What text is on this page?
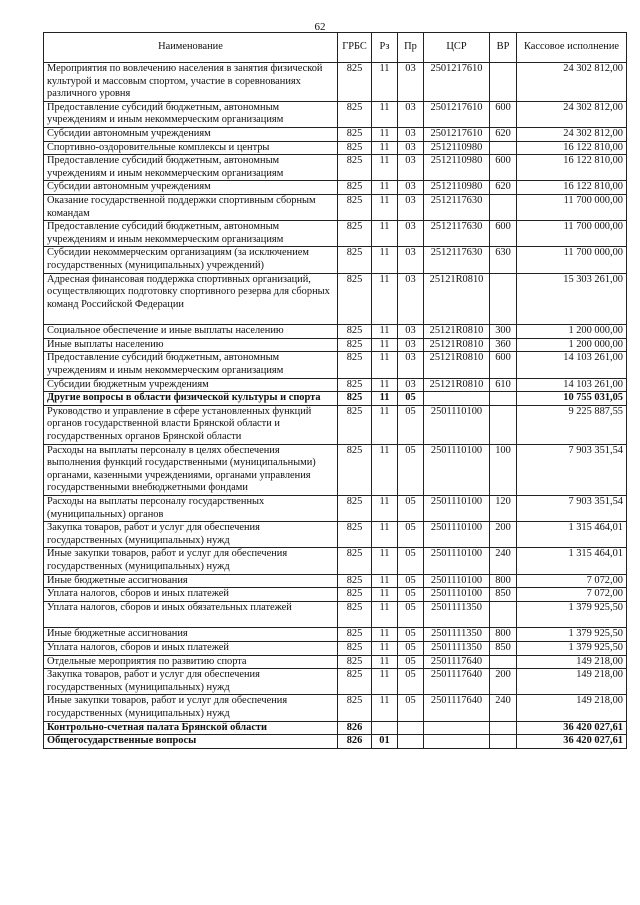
62
Наименование	ГРБС	Рз	Пр	ЦСР	ВР	Кассовое исполнение
Мероприятия по вовлечению населения в занятия физической культурой и массовым спортом, участие в соревнованиях различного уровня	825	11	03	2501217610		24 302 812,00
Предоставление субсидий бюджетным, автономным учреждениям и иным некоммерческим организациям	825	11	03	2501217610	600	24 302 812,00
Субсидии автономным учреждениям	825	11	03	2501217610	620	24 302 812,00
Спортивно-оздоровительные комплексы и центры	825	11	03	2512110980		16 122 810,00
Предоставление субсидий бюджетным, автономным учреждениям и иным некоммерческим организациям	825	11	03	2512110980	600	16 122 810,00
Субсидии автономным учреждениям	825	11	03	2512110980	620	16 122 810,00
Оказание государственной поддержки спортивным сборным командам	825	11	03	2512117630		11 700 000,00
Предоставление субсидий бюджетным, автономным учреждениям и иным некоммерческим организациям	825	11	03	2512117630	600	11 700 000,00
Субсидии некоммерческим организациям (за исключением государственных (муниципальных) учреждений)	825	11	03	2512117630	630	11 700 000,00
Адресная финансовая поддержка спортивных организаций, осуществляющих подготовку спортивного резерва для сборных команд Российской Федерации	825	11	03	25121R0810		15 303 261,00
Социальное обеспечение и иные выплаты населению	825	11	03	25121R0810	300	1 200 000,00
Иные выплаты населению	825	11	03	25121R0810	360	1 200 000,00
Предоставление субсидий бюджетным, автономным учреждениям и иным некоммерческим организациям	825	11	03	25121R0810	600	14 103 261,00
Субсидии бюджетным учреждениям	825	11	03	25121R0810	610	14 103 261,00
Другие вопросы в области физической культуры и спорта	825	11	05			10 755 031,05
Руководство и управление в сфере установленных функций органов государственной власти Брянской области и государственных органов Брянской области	825	11	05	2501110100		9 225 887,55
Расходы на выплаты персоналу в целях обеспечения выполнения функций государственными (муниципальными) органами, казенными учреждениями, органами управления государственными внебюджетными фондами	825	11	05	2501110100	100	7 903 351,54
Расходы на выплаты персоналу государственных (муниципальных) органов	825	11	05	2501110100	120	7 903 351,54
Закупка товаров, работ и услуг для обеспечения государственных (муниципальных) нужд	825	11	05	2501110100	200	1 315 464,01
Иные закупки товаров, работ и услуг для обеспечения государственных (муниципальных) нужд	825	11	05	2501110100	240	1 315 464,01
Иные бюджетные ассигнования	825	11	05	2501110100	800	7 072,00
Уплата налогов, сборов и иных платежей	825	11	05	2501110100	850	7 072,00
Уплата налогов, сборов и иных обязательных платежей	825	11	05	2501111350		1 379 925,50
Иные бюджетные ассигнования	825	11	05	2501111350	800	1 379 925,50
Уплата налогов, сборов и иных платежей	825	11	05	2501111350	850	1 379 925,50
Отдельные мероприятия по развитию спорта	825	11	05	2501117640		149 218,00
Закупка товаров, работ и услуг для обеспечения государственных (муниципальных) нужд	825	11	05	2501117640	200	149 218,00
Иные закупки товаров, работ и услуг для обеспечения государственных (муниципальных) нужд	825	11	05	2501117640	240	149 218,00
Контрольно-счетная палата Брянской области	826					36 420 027,61
Общегосударственные вопросы	826	01				36 420 027,61
